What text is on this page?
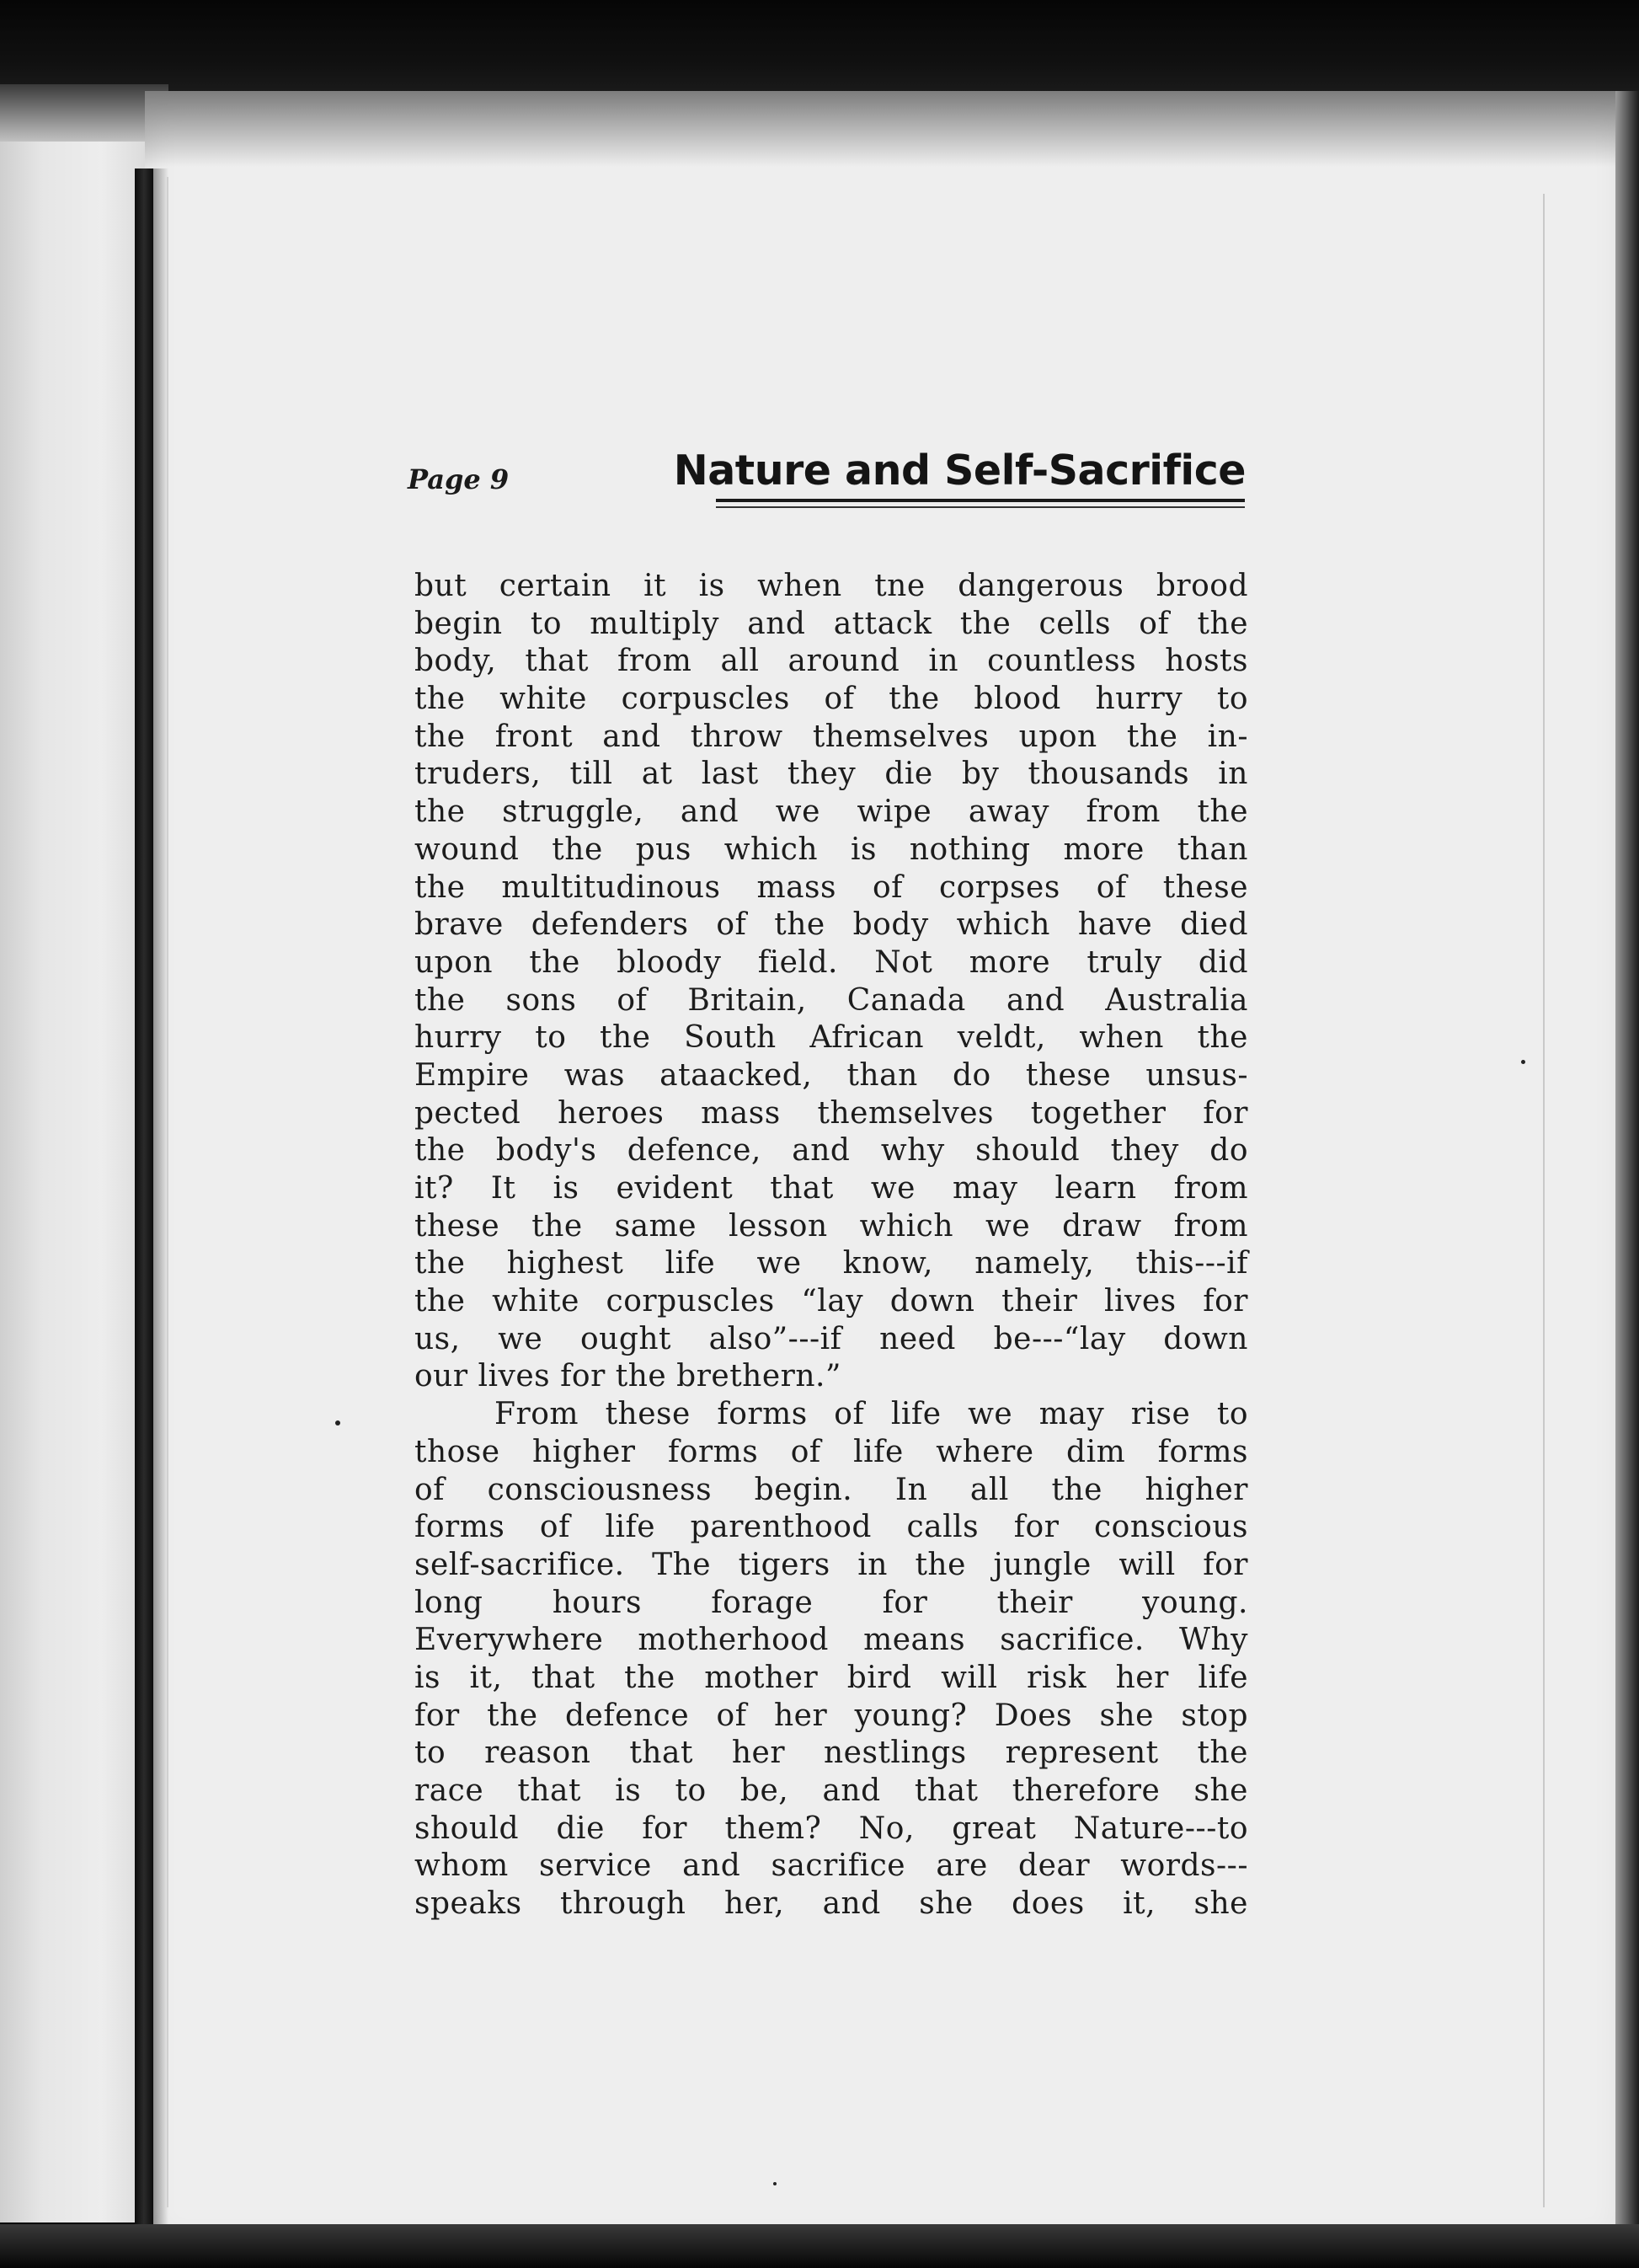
Page 9	Nature and Self-Sacrifice
but certain it is when tne dangerous brood
begin to multiply and attack the cells of the
body, that from all around in countless hosts
the white corpuscles of the blood hurry to
the front and throw themselves upon the in-
truders, till at last they die by thousands in
the struggle, and we wipe away from the
wound the pus which is nothing more than
the multitudinous mass of corpses of these
brave defenders of the body which have died
upon the bloody field. Not more truly did
the sons of Britain, Canada and Australia
hurry to the South African veldt, when the
Empire was ataacked, than do these unsus-
pected heroes mass themselves together for
the body's defence, and why should they do
it? It is evident that we may learn from
these the same lesson which we draw from
the highest life we know, namely, this---if
the white corpuscles “lay down their lives for
us, we ought also”---if need be---“lay down
our lives for the brethern.”
From these forms of life we may rise to
those higher forms of life where dim forms
of consciousness begin. In all the higher
forms of life parenthood calls for conscious
self-sacrifice. The tigers in the jungle will for
long hours forage for their young.
Everywhere motherhood means sacrifice. Why
is it, that the mother bird will risk her life
for the defence of her young? Does she stop
to reason that her nestlings represent the
race that is to be, and that therefore she
should die for them? No, great Nature---to
whom service and sacrifice are dear words---
speaks through her, and she does it, she
